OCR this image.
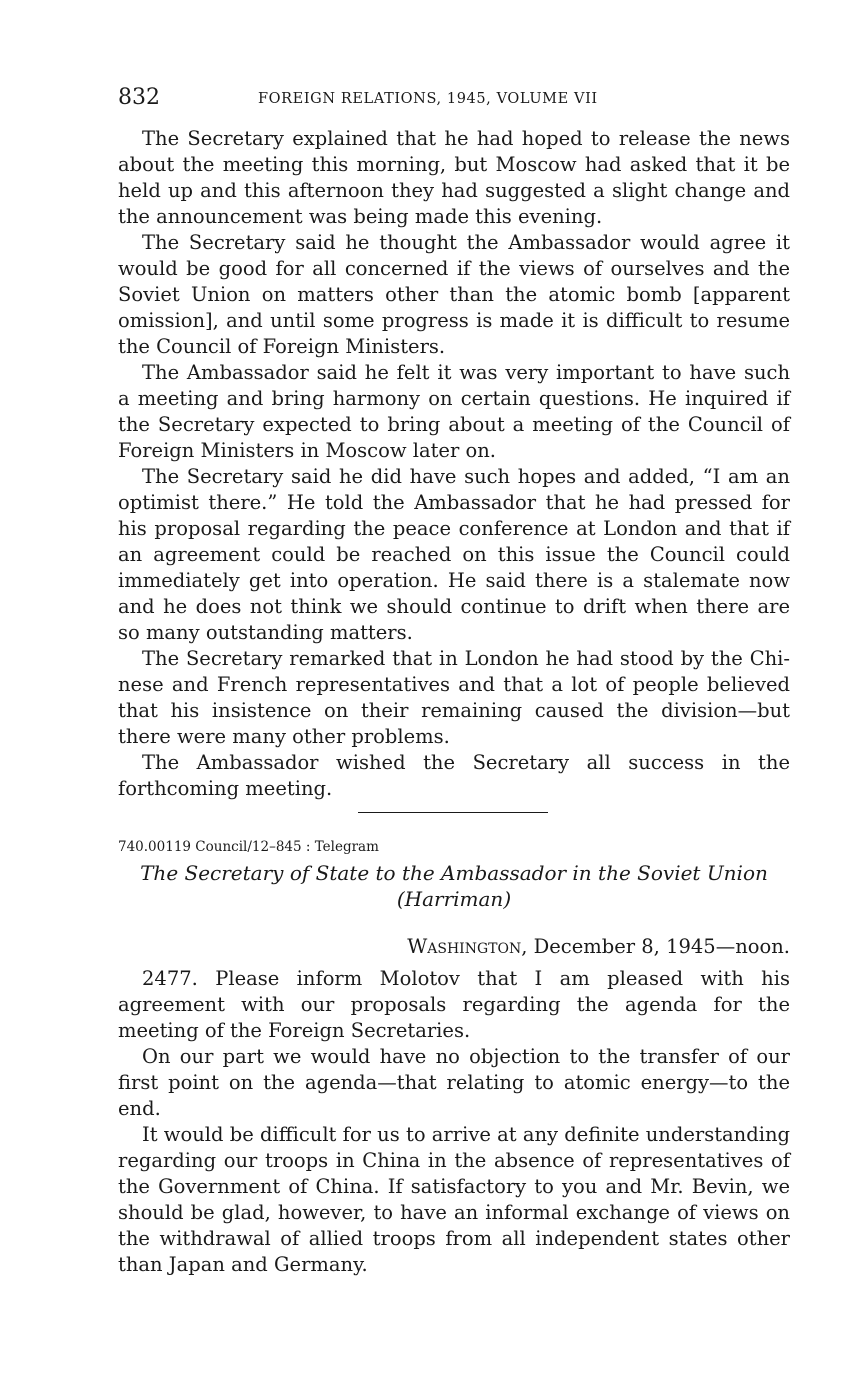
832	FOREIGN RELATIONS, 1945, VOLUME VII

The Secretary explained that he had hoped to release the news about the meeting this morning, but Moscow had asked that it be held up and this afternoon they had suggested a slight change and the announcement was being made this evening.

The Secretary said he thought the Ambassador would agree it would be good for all concerned if the views of ourselves and the Soviet Union on matters other than the atomic bomb [apparent omission], and until some progress is made it is difficult to resume the Council of Foreign Ministers.

The Ambassador said he felt it was very important to have such a meeting and bring harmony on certain questions. He inquired if the Secretary expected to bring about a meeting of the Council of Foreign Ministers in Moscow later on.

The Secretary said he did have such hopes and added, “I am an optimist there.” He told the Ambassador that he had pressed for his proposal regarding the peace conference at London and that if an agreement could be reached on this issue the Council could immediately get into operation. He said there is a stalemate now and he does not think we should continue to drift when there are so many outstanding matters.

The Secretary remarked that in London he had stood by the Chinese and French representatives and that a lot of people believed that his insistence on their remaining caused the division—but there were many other problems.

The Ambassador wished the Secretary all success in the forthcoming meeting.

740.00119 Council/12–845 : Telegram
The Secretary of State to the Ambassador in the Soviet Union
(Harriman)
Washington, December 8, 1945—noon.

2477. Please inform Molotov that I am pleased with his agreement with our proposals regarding the agenda for the meeting of the Foreign Secretaries.

On our part we would have no objection to the transfer of our first point on the agenda—that relating to atomic energy—to the end.

It would be difficult for us to arrive at any definite understanding regarding our troops in China in the absence of representatives of the Government of China. If satisfactory to you and Mr. Bevin, we should be glad, however, to have an informal exchange of views on the withdrawal of allied troops from all independent states other than Japan and Germany.
